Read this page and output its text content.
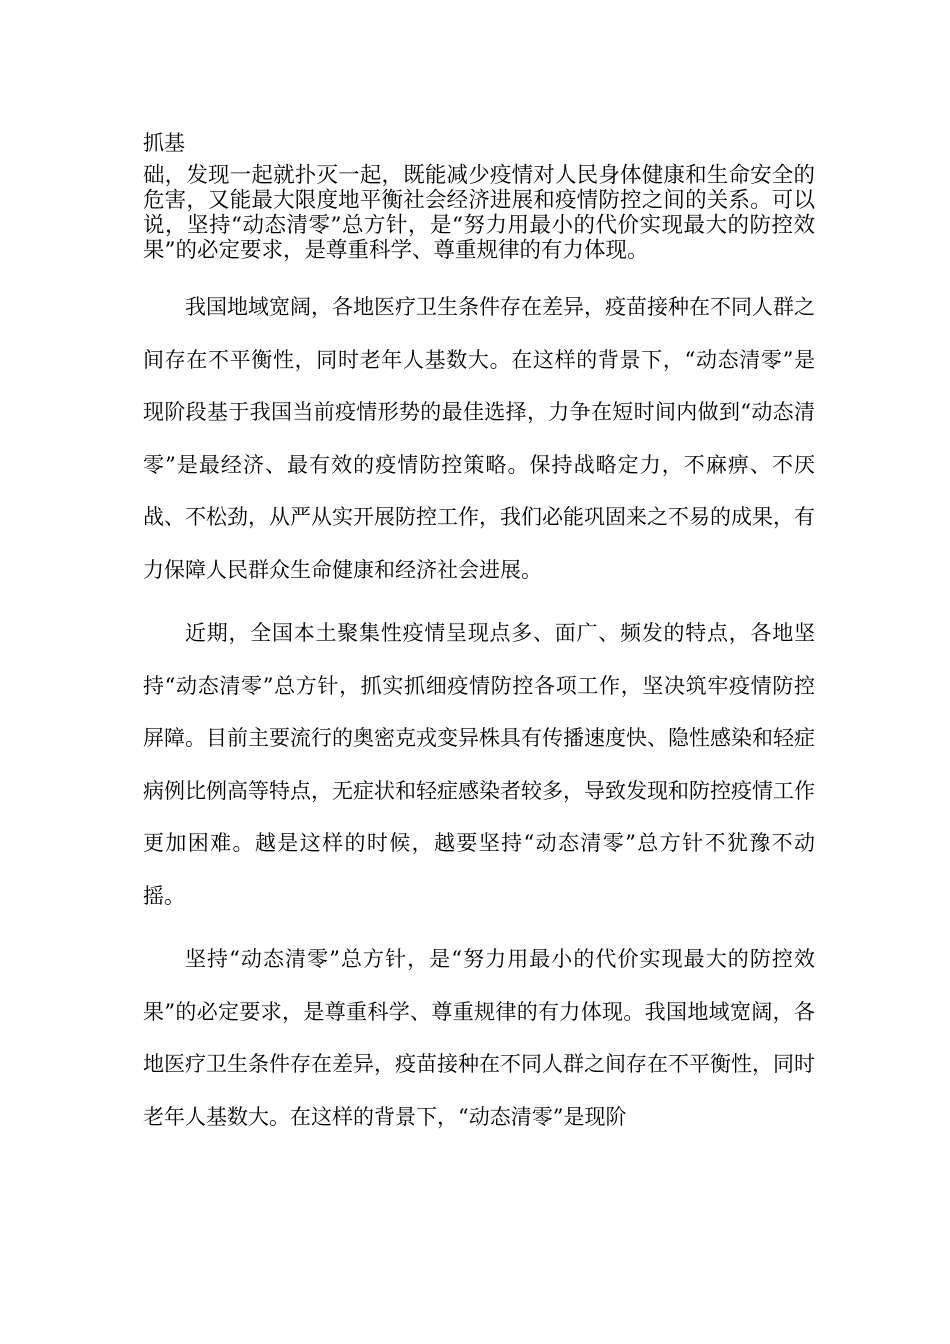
抓基

础，发现一起就扑灭一起，既能减少疫情对人民身体健康和生命安全的危害，又能最大限度地平衡社会经济进展和疫情防控之间的关系。可以说，坚持“动态清零”总方针，是“努力用最小的代价实现最大的防控效果”的必定要求，是尊重科学、尊重规律的有力体现。

我国地域宽阔，各地医疗卫生条件存在差异，疫苗接种在不同人群之间存在不平衡性，同时老年人基数大。在这样的背景下，“动态清零”是现阶段基于我国当前疫情形势的最佳选择，力争在短时间内做到“动态清零”是最经济、最有效的疫情防控策略。保持战略定力，不麻痹、不厌战、不松劲，从严从实开展防控工作，我们必能巩固来之不易的成果，有力保障人民群众生命健康和经济社会进展。

近期，全国本土聚集性疫情呈现点多、面广、频发的特点，各地坚持“动态清零”总方针，抓实抓细疫情防控各项工作，坚决筑牢疫情防控屏障。目前主要流行的奥密克戎变异株具有传播速度快、隐性感染和轻症病例比例高等特点，无症状和轻症感染者较多，导致发现和防控疫情工作更加困难。越是这样的时候，越要坚持“动态清零”总方针不犹豫不动摇。

坚持“动态清零”总方针，是“努力用最小的代价实现最大的防控效果”的必定要求，是尊重科学、尊重规律的有力体现。我国地域宽阔，各地医疗卫生条件存在差异，疫苗接种在不同人群之间存在不平衡性，同时老年人基数大。在这样的背景下，“动态清零”是现阶
